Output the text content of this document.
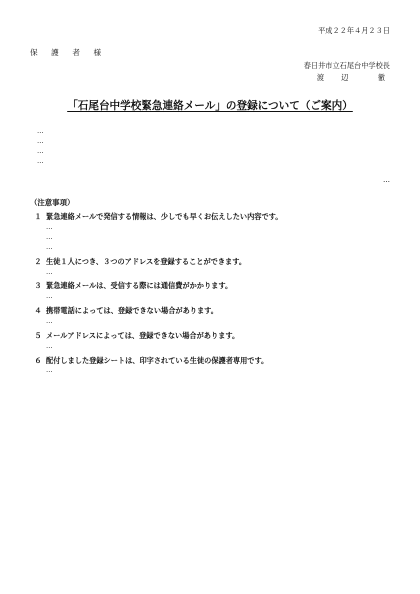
平成２２年４月２３日
保　護　者　様
春日井市立石尾台中学校長
渡　辺　　徹
「石尾台中学校緊急連絡メール」の登録について（ご案内）

…

…

…

…

…
（注意事項）
１ 緊急連絡メールで発信する情報は、少しでも早くお伝えしたい内容です。

…

…

…

２ 生徒１人につき、３つのアドレスを登録することができます。

…

３ 緊急連絡メールは、受信する際には通信費がかかります。

…

４ 携帯電話によっては、登録できない場合があります。

…

５ メールアドレスによっては、登録できない場合があります。

…

６ 配付しました登録シートは、印字されている生徒の保護者専用です。

…
